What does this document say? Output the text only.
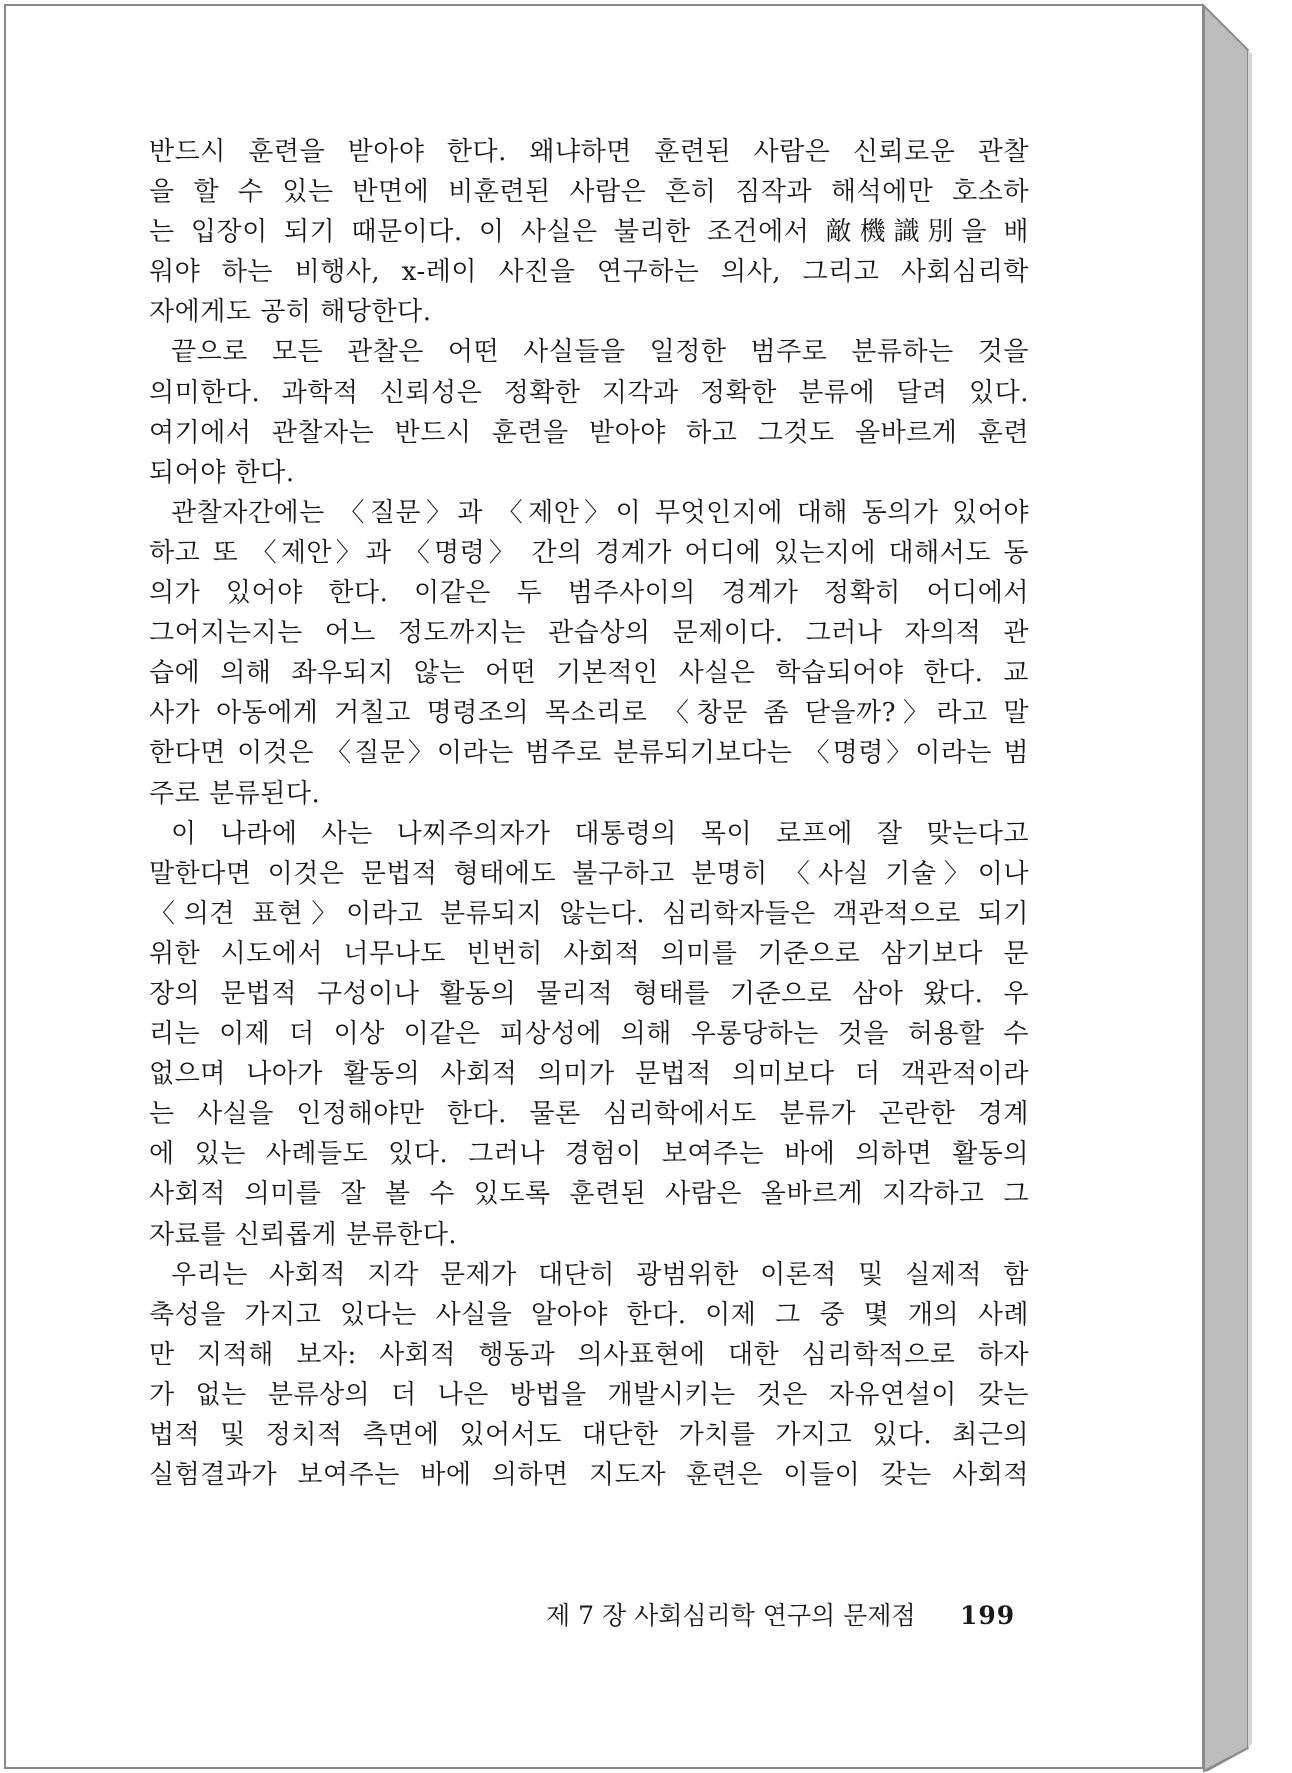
반드시 훈련을 받아야 한다. 왜냐하면 훈련된 사람은 신뢰로운 관찰
을 할 수 있는 반면에 비훈련된 사람은 흔히 짐작과 해석에만 호소하
는 입장이 되기 때문이다. 이 사실은 불리한 조건에서 敵機識別을 배
워야 하는 비행사, x-레이 사진을 연구하는 의사, 그리고 사회심리학
자에게도 공히 해당한다.
끝으로 모든 관찰은 어떤 사실들을 일정한 범주로 분류하는 것을
의미한다. 과학적 신뢰성은 정확한 지각과 정확한 분류에 달려 있다.
여기에서 관찰자는 반드시 훈련을 받아야 하고 그것도 올바르게 훈련
되어야 한다.
관찰자간에는 〈질문〉과 〈제안〉이 무엇인지에 대해 동의가 있어야
하고 또 〈제안〉과 〈명령〉 간의 경계가 어디에 있는지에 대해서도 동
의가 있어야 한다. 이같은 두 범주사이의 경계가 정확히 어디에서
그어지는지는 어느 정도까지는 관습상의 문제이다. 그러나 자의적 관
습에 의해 좌우되지 않는 어떤 기본적인 사실은 학습되어야 한다. 교
사가 아동에게 거칠고 명령조의 목소리로 〈창문 좀 닫을까?〉라고 말
한다면 이것은 〈질문〉이라는 범주로 분류되기보다는 〈명령〉이라는 범
주로 분류된다.
이 나라에 사는 나찌주의자가 대통령의 목이 로프에 잘 맞는다고
말한다면 이것은 문법적 형태에도 불구하고 분명히 〈사실 기술〉이나
〈의견 표현〉이라고 분류되지 않는다. 심리학자들은 객관적으로 되기
위한 시도에서 너무나도 빈번히 사회적 의미를 기준으로 삼기보다 문
장의 문법적 구성이나 활동의 물리적 형태를 기준으로 삼아 왔다. 우
리는 이제 더 이상 이같은 피상성에 의해 우롱당하는 것을 허용할 수
없으며 나아가 활동의 사회적 의미가 문법적 의미보다 더 객관적이라
는 사실을 인정해야만 한다. 물론 심리학에서도 분류가 곤란한 경계
에 있는 사례들도 있다. 그러나 경험이 보여주는 바에 의하면 활동의
사회적 의미를 잘 볼 수 있도록 훈련된 사람은 올바르게 지각하고 그
자료를 신뢰롭게 분류한다.
우리는 사회적 지각 문제가 대단히 광범위한 이론적 및 실제적 함
축성을 가지고 있다는 사실을 알아야 한다. 이제 그 중 몇 개의 사례
만 지적해 보자: 사회적 행동과 의사표현에 대한 심리학적으로 하자
가 없는 분류상의 더 나은 방법을 개발시키는 것은 자유연설이 갖는
법적 및 정치적 측면에 있어서도 대단한 가치를 가지고 있다. 최근의
실험결과가 보여주는 바에 의하면 지도자 훈련은 이들이 갖는 사회적
제 7 장 사회심리학 연구의 문제점 199
